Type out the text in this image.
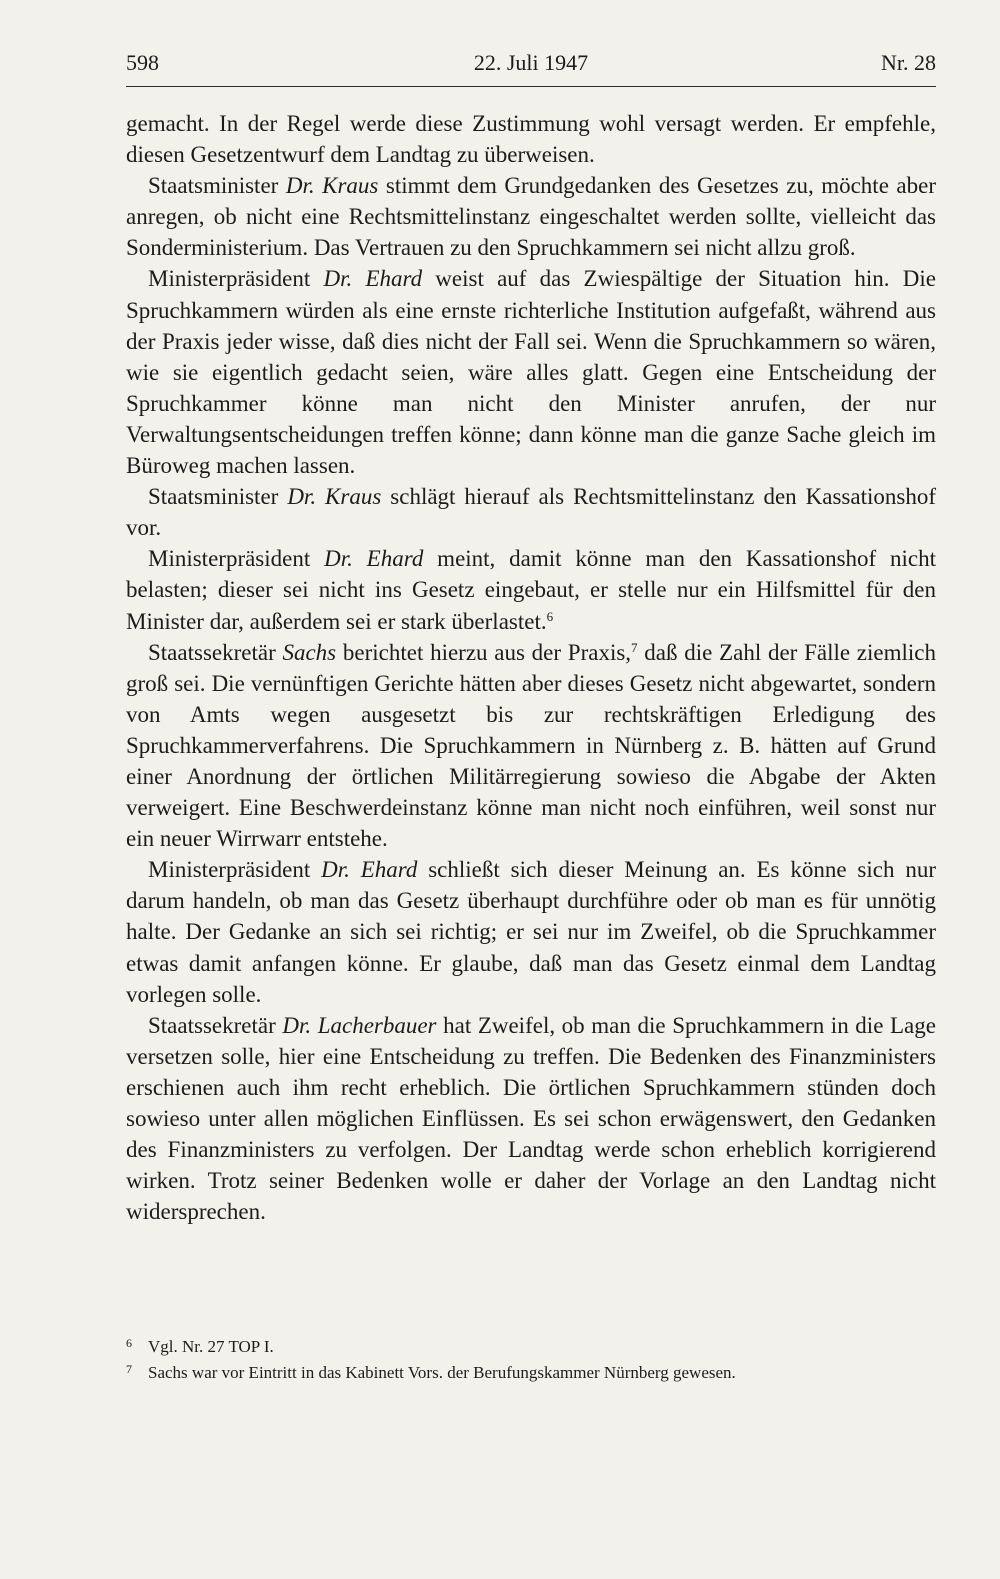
598	22. Juli 1947	Nr. 28

gemacht. In der Regel werde diese Zustimmung wohl versagt werden. Er empfehle, diesen Gesetzentwurf dem Landtag zu überweisen.

Staatsminister Dr. Kraus stimmt dem Grundgedanken des Gesetzes zu, möchte aber anregen, ob nicht eine Rechtsmittelinstanz eingeschaltet werden sollte, vielleicht das Sonderministerium. Das Vertrauen zu den Spruchkammern sei nicht allzu groß.

Ministerpräsident Dr. Ehard weist auf das Zwiespältige der Situation hin. Die Spruchkammern würden als eine ernste richterliche Institution aufgefaßt, während aus der Praxis jeder wisse, daß dies nicht der Fall sei. Wenn die Spruchkammern so wären, wie sie eigentlich gedacht seien, wäre alles glatt. Gegen eine Entscheidung der Spruchkammer könne man nicht den Minister anrufen, der nur Verwaltungsentscheidungen treffen könne; dann könne man die ganze Sache gleich im Büroweg machen lassen.

Staatsminister Dr. Kraus schlägt hierauf als Rechtsmittelinstanz den Kassationshof vor.

Ministerpräsident Dr. Ehard meint, damit könne man den Kassationshof nicht belasten; dieser sei nicht ins Gesetz eingebaut, er stelle nur ein Hilfsmittel für den Minister dar, außerdem sei er stark überlastet.$^6$

Staatssekretär Sachs berichtet hierzu aus der Praxis,$^7$ daß die Zahl der Fälle ziemlich groß sei. Die vernünftigen Gerichte hätten aber dieses Gesetz nicht abgewartet, sondern von Amts wegen ausgesetzt bis zur rechtskräftigen Erledigung des Spruchkammerverfahrens. Die Spruchkammern in Nürnberg z. B. hätten auf Grund einer Anordnung der örtlichen Militärregierung sowieso die Abgabe der Akten verweigert. Eine Beschwerdeinstanz könne man nicht noch einführen, weil sonst nur ein neuer Wirrwarr entstehe.

Ministerpräsident Dr. Ehard schließt sich dieser Meinung an. Es könne sich nur darum handeln, ob man das Gesetz überhaupt durchführe oder ob man es für unnötig halte. Der Gedanke an sich sei richtig; er sei nur im Zweifel, ob die Spruchkammer etwas damit anfangen könne. Er glaube, daß man das Gesetz einmal dem Landtag vorlegen solle.

Staatssekretär Dr. Lacherbauer hat Zweifel, ob man die Spruchkammern in die Lage versetzen solle, hier eine Entscheidung zu treffen. Die Bedenken des Finanzministers erschienen auch ihm recht erheblich. Die örtlichen Spruchkammern stünden doch sowieso unter allen möglichen Einflüssen. Es sei schon erwägenswert, den Gedanken des Finanzministers zu verfolgen. Der Landtag werde schon erheblich korrigierend wirken. Trotz seiner Bedenken wolle er daher der Vorlage an den Landtag nicht widersprechen.

6 Vgl. Nr. 27 TOP I.
7 Sachs war vor Eintritt in das Kabinett Vors. der Berufungskammer Nürnberg gewesen.
